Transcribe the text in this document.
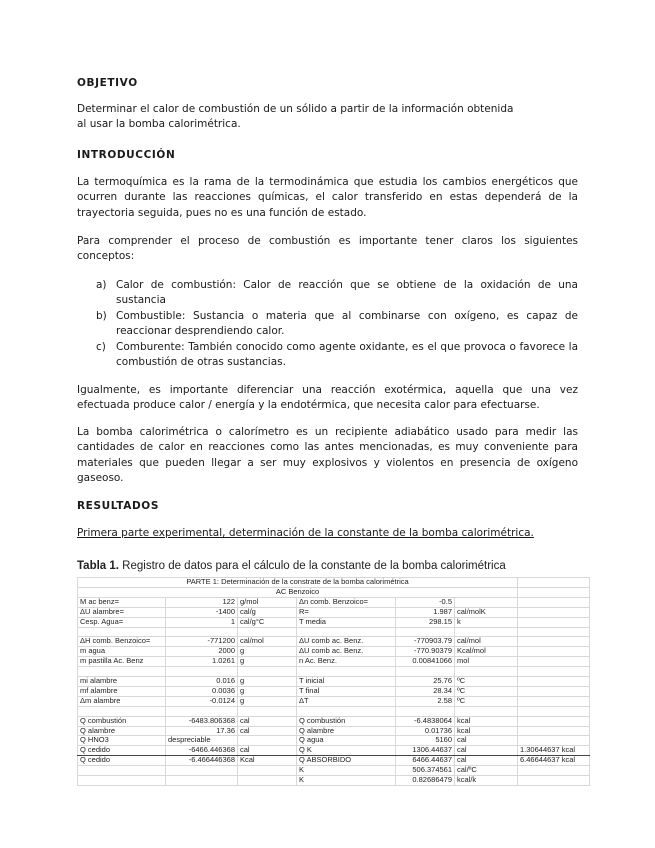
OBJETIVO
Determinar el calor de combustión de un sólido a partir de la información obtenida
al usar la bomba calorimétrica.
INTRODUCCIÓN
La termoquímica es la rama de la termodinámica que estudia los cambios energéticos que ocurren durante las reacciones químicas, el calor transferido en estas dependerá de la trayectoria seguida, pues no es una función de estado.
Para comprender el proceso de combustión es importante tener claros los siguientes conceptos:
a) Calor de combustión: Calor de reacción que se obtiene de la oxidación de una sustancia
b) Combustible: Sustancia o materia que al combinarse con oxígeno, es capaz de reaccionar desprendiendo calor.
c) Comburente: También conocido como agente oxidante, es el que provoca o favorece la combustión de otras sustancias.
Igualmente, es importante diferenciar una reacción exotérmica, aquella que una vez efectuada produce calor / energía y la endotérmica, que necesita calor para efectuarse.
La bomba calorimétrica o calorímetro es un recipiente adiabático usado para medir las cantidades de calor en reacciones como las antes mencionadas, es muy conveniente para materiales que pueden llegar a ser muy explosivos y violentos en presencia de oxígeno gaseoso.
RESULTADOS
Primera parte experimental, determinación de la constante de la bomba calorimétrica.
Tabla 1. Registro de datos para el cálculo de la constante de la bomba calorimétrica
PARTE 1: Determinación de la constrate de la bomba calorimétrica						
AC Benzoico						
M ac benz=	122	g/mol	Δn comb. Benzoico=	-0.5		
ΔU alambre=	-1400	cal/g	R=	1.987	cal/molK	
Cesp. Agua=	1	cal/g°C	T media	298.15	k	

ΔH comb. Benzoico=	-771200	cal/mol	ΔU comb ac. Benz.	-770903.79	cal/mol	
m agua	2000	g	ΔU comb ac. Benz.	-770.90379	Kcal/mol	
m pastilla Ac. Benz	1.0261	g	n Ac. Benz.	0.00841066	mol	

mi alambre	0.016	g	T inicial	25.76	ºC	
mf alambre	0.0036	g	T final	28.34	ºC	
Δm alambre	-0.0124	g	ΔT	2.58	ºC	

Q combustión	-6483.806368	cal	Q combustión	-6.4838064	kcal	
Q alambre	17.36	cal	Q alambre	0.01736	kcal	
Q HNO3	despreciable		Q agua	5160	cal	
Q cedido	-6466.446368	cal	Q K	1306.44637	cal	1.30644637 kcal
Q cedido	-6.466446368	Kcal	Q ABSORBIDO	6466.44637	cal	6.46644637 kcal
			K	506.374561	cal/ºC	
			K	0.82686479	kcal/k	
